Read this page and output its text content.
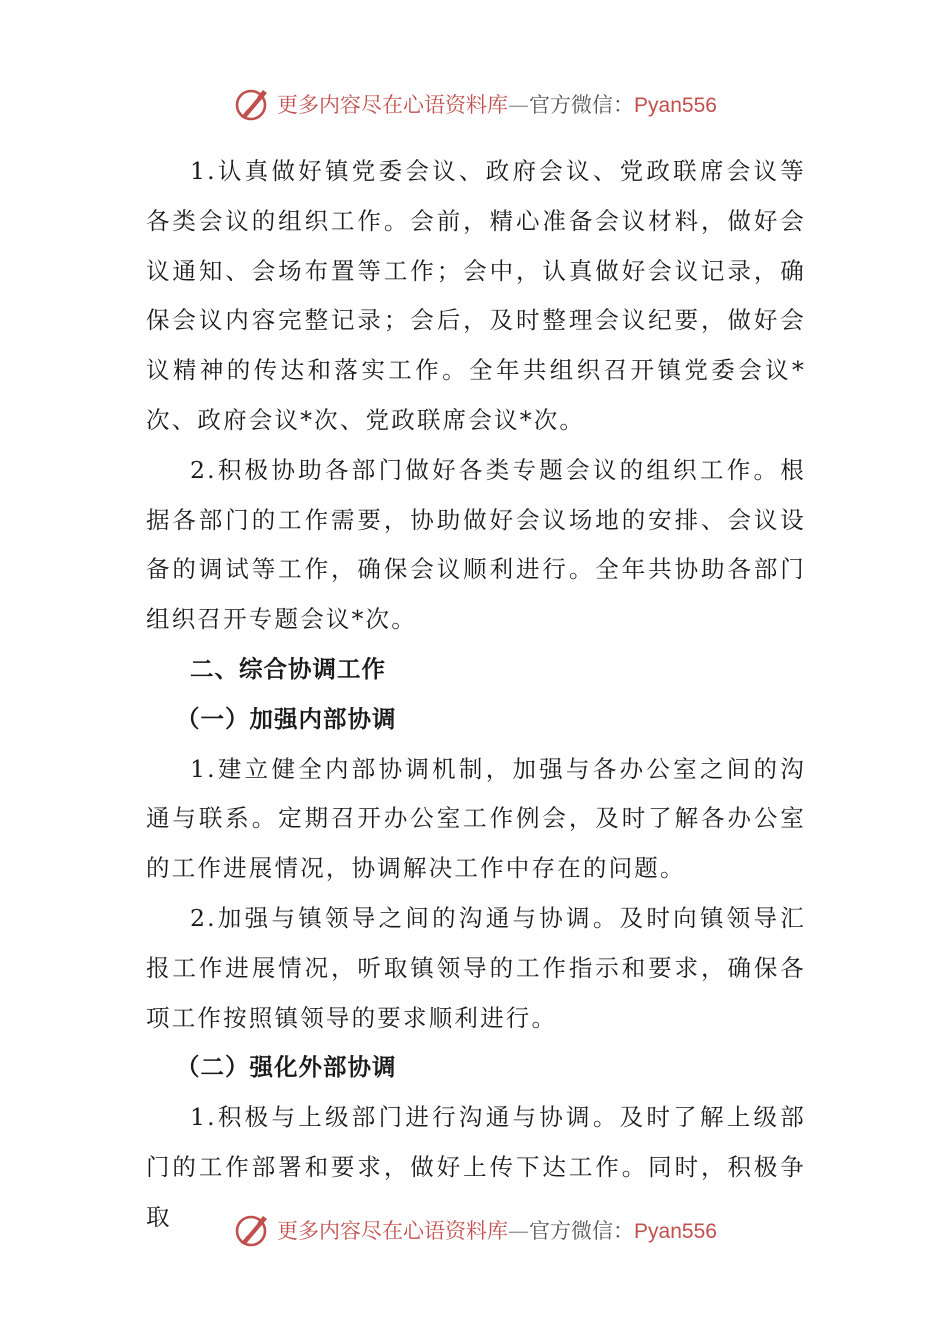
更多内容尽在心语资料库—官方微信：Pyan556

1.认真做好镇党委会议、政府会议、党政联席会议等各类会议的组织工作。会前，精心准备会议材料，做好会议通知、会场布置等工作；会中，认真做好会议记录，确保会议内容完整记录；会后，及时整理会议纪要，做好会议精神的传达和落实工作。全年共组织召开镇党委会议*次、政府会议*次、党政联席会议*次。

2.积极协助各部门做好各类专题会议的组织工作。根据各部门的工作需要，协助做好会议场地的安排、会议设备的调试等工作，确保会议顺利进行。全年共协助各部门组织召开专题会议*次。

二、综合协调工作

（一）加强内部协调

1.建立健全内部协调机制，加强与各办公室之间的沟通与联系。定期召开办公室工作例会，及时了解各办公室的工作进展情况，协调解决工作中存在的问题。

2.加强与镇领导之间的沟通与协调。及时向镇领导汇报工作进展情况，听取镇领导的工作指示和要求，确保各项工作按照镇领导的要求顺利进行。

（二）强化外部协调

1.积极与上级部门进行沟通与协调。及时了解上级部门的工作部署和要求，做好上传下达工作。同时，积极争取

更多内容尽在心语资料库—官方微信：Pyan556
